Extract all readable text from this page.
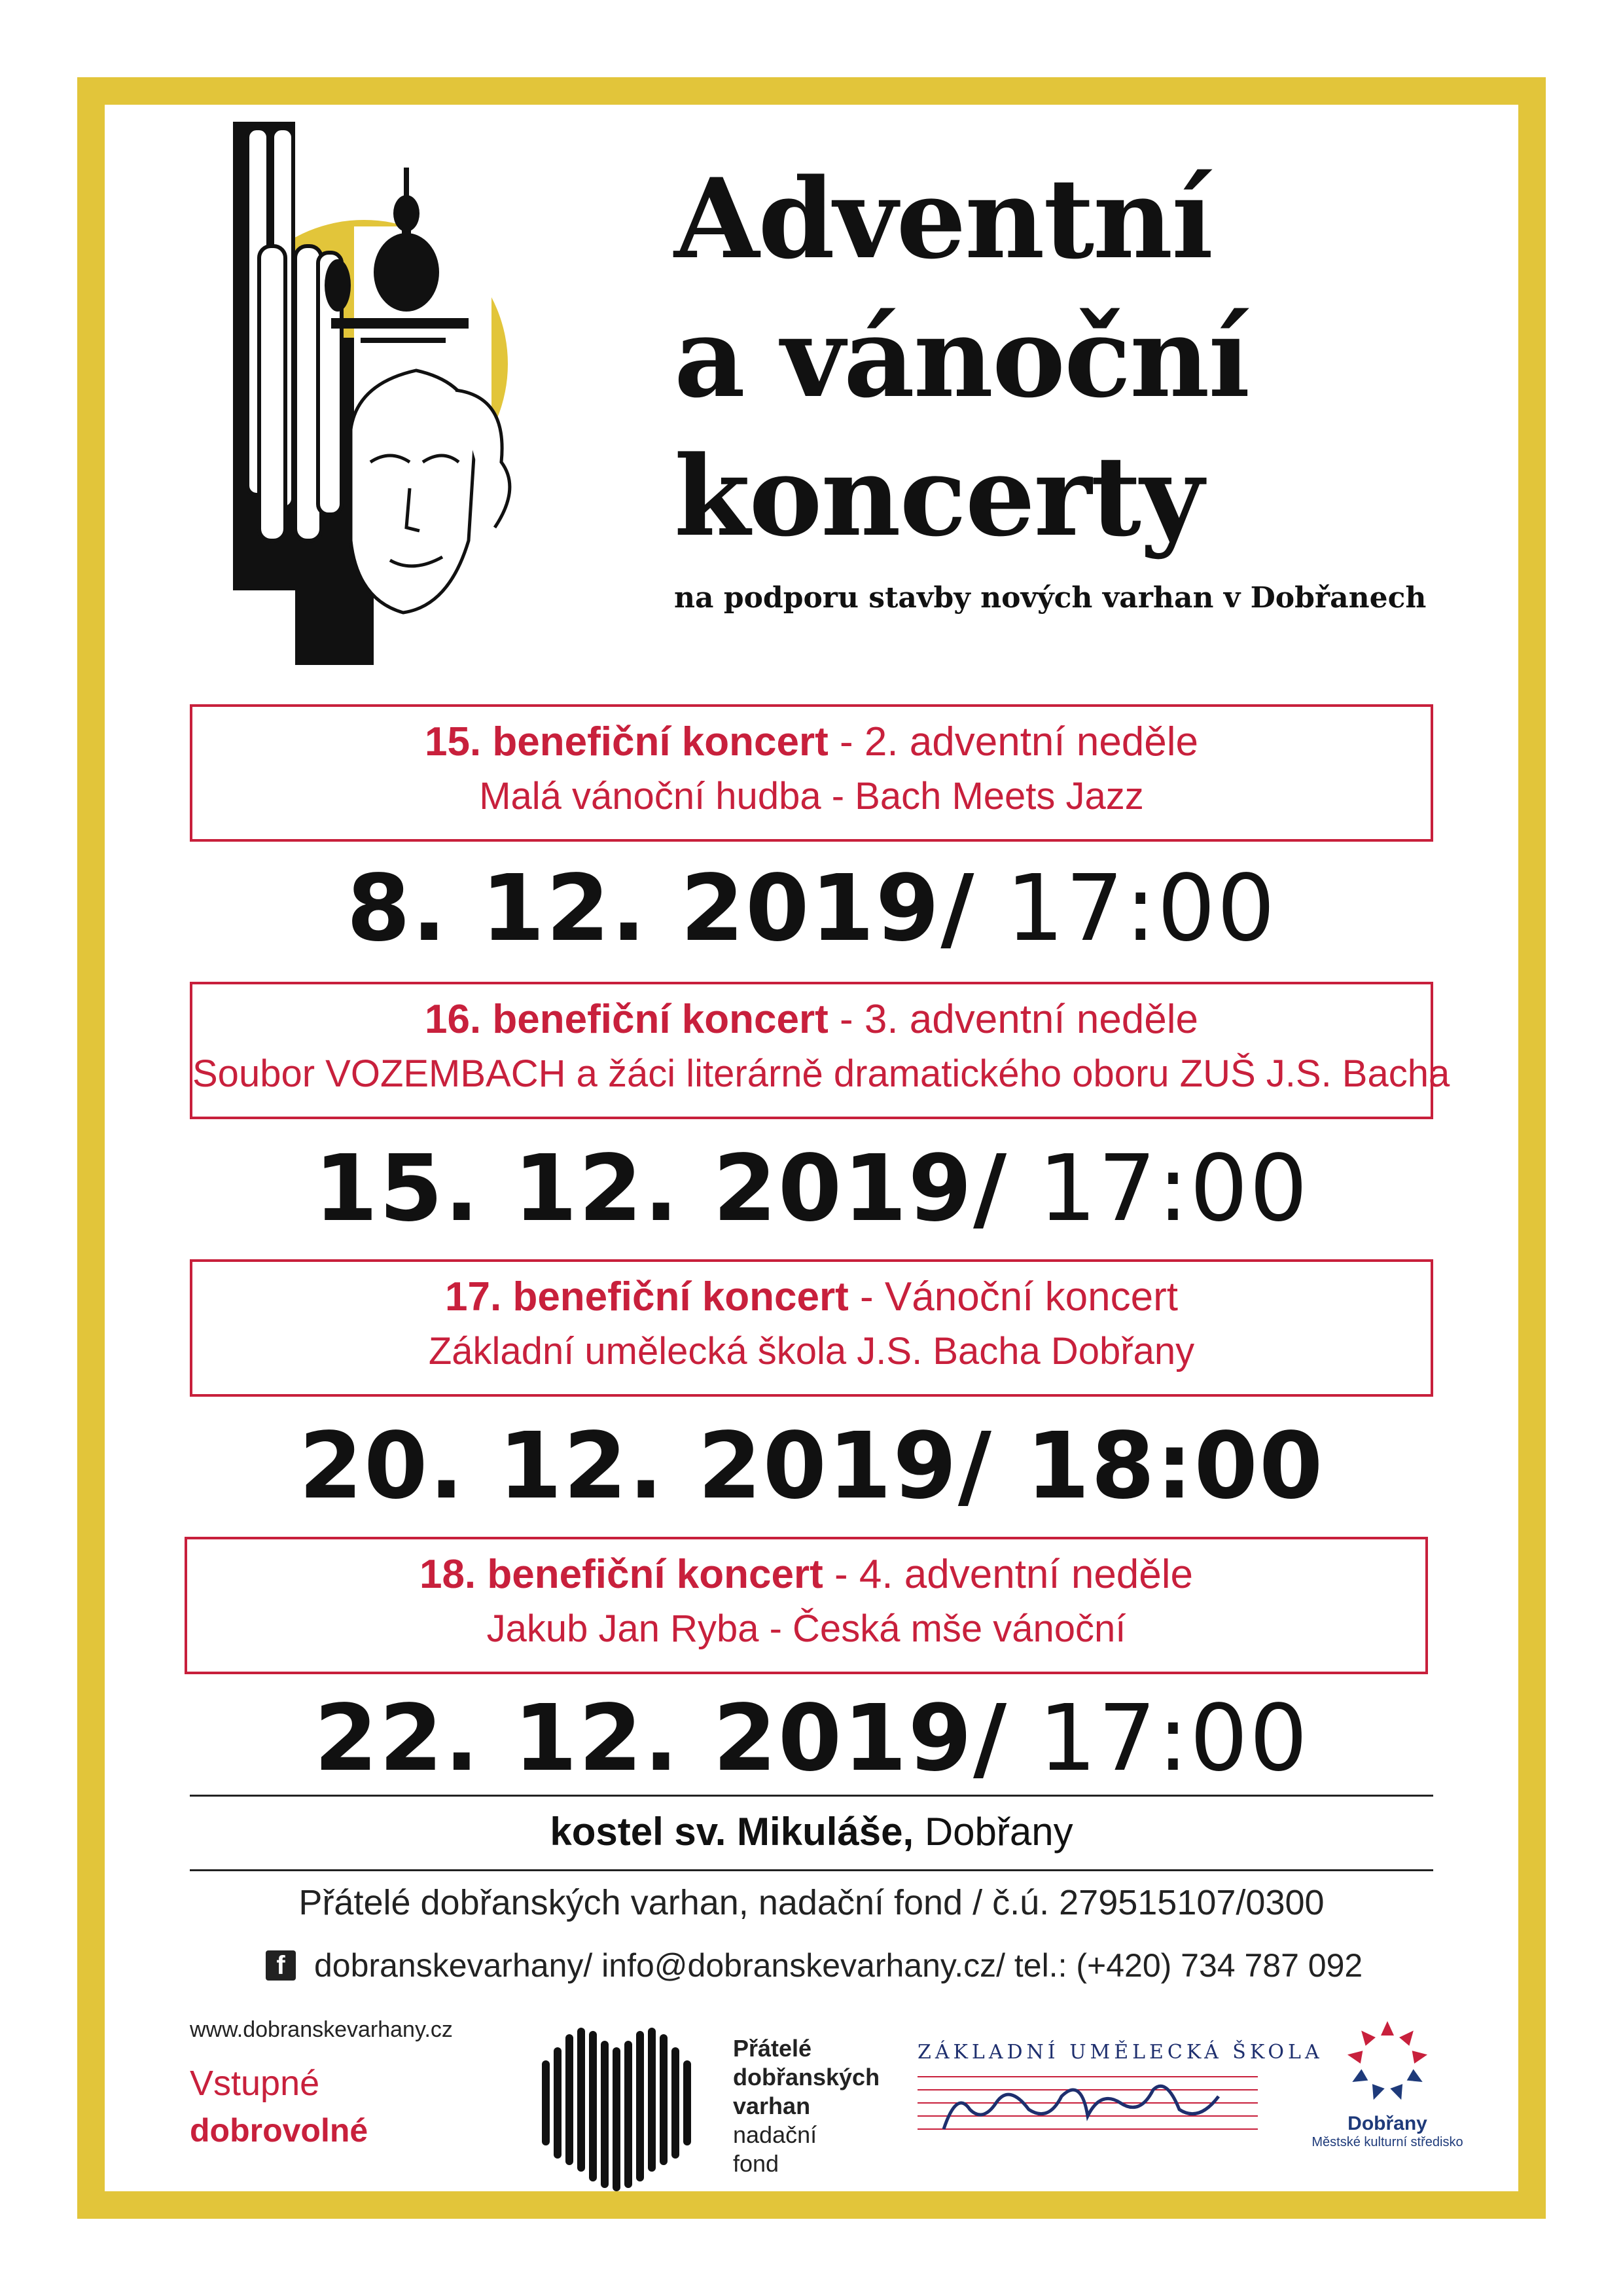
Adventní
a vánoční
koncerty
na podporu stavby nových varhan v Dobřanech
15. benefiční koncert - 2. adventní neděle
Malá vánoční hudba - Bach Meets Jazz
8. 12. 2019/ 17:00
16. benefiční koncert - 3. adventní neděle
Soubor VOZEMBACH a žáci literárně dramatického oboru ZUŠ J.S. Bacha
15. 12. 2019/ 17:00
17. benefiční koncert - Vánoční koncert
Základní umělecká škola J.S. Bacha Dobřany
20. 12. 2019/ 18:00
18. benefiční koncert - 4. adventní neděle
Jakub Jan Ryba - Česká mše vánoční
22. 12. 2019/ 17:00
kostel sv. Mikuláše, Dobřany
Přátelé dobřanských varhan, nadační fond / č.ú. 279515107/0300
f dobranskevarhany/ info@dobranskevarhany.cz/ tel.: (+420) 734 787 092
www.dobranskevarhany.cz
Vstupné
dobrovolné
Přátelé
dobřanských
varhan
nadační
fond
ZÁKLADNÍ UMĚLECKÁ ŠKOLA
Dobřany
Městské kulturní středisko
